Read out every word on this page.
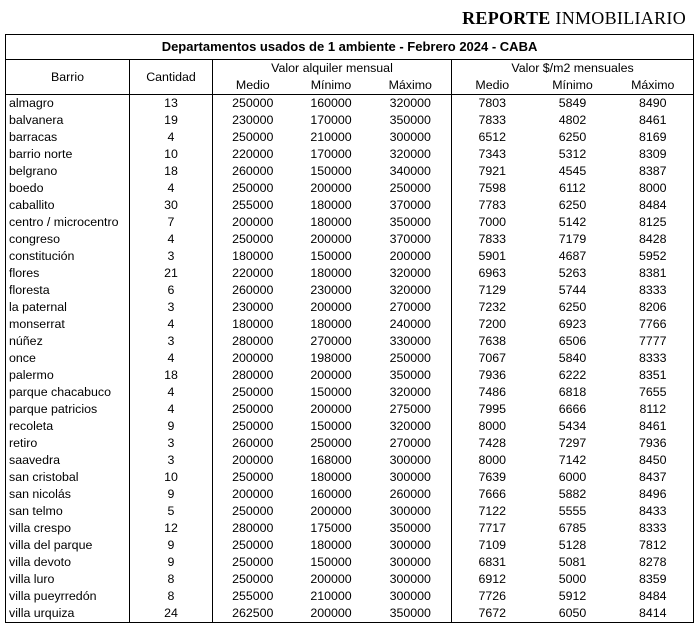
REPORTE INMOBILIARIO
Departamentos usados de 1 ambiente - Febrero 2024 - CABA							
Barrio	Cantidad	Valor alquiler mensual			Valor $/m2 mensuales		
		Medio	Mínimo	Máximo	Medio	Mínimo	Máximo
almagro	13	250000	160000	320000	7803	5849	8490
balvanera	19	230000	170000	350000	7833	4802	8461
barracas	4	250000	210000	300000	6512	6250	8169
barrio norte	10	220000	170000	320000	7343	5312	8309
belgrano	18	260000	150000	340000	7921	4545	8387
boedo	4	250000	200000	250000	7598	6112	8000
caballito	30	255000	180000	370000	7783	6250	8484
centro / microcentro	7	200000	180000	350000	7000	5142	8125
congreso	4	250000	200000	370000	7833	7179	8428
constitución	3	180000	150000	200000	5901	4687	5952
flores	21	220000	180000	320000	6963	5263	8381
floresta	6	260000	230000	320000	7129	5744	8333
la paternal	3	230000	200000	270000	7232	6250	8206
monserrat	4	180000	180000	240000	7200	6923	7766
núñez	3	280000	270000	330000	7638	6506	7777
once	4	200000	198000	250000	7067	5840	8333
palermo	18	280000	200000	350000	7936	6222	8351
parque chacabuco	4	250000	150000	320000	7486	6818	7655
parque patricios	4	250000	200000	275000	7995	6666	8112
recoleta	9	250000	150000	320000	8000	5434	8461
retiro	3	260000	250000	270000	7428	7297	7936
saavedra	3	200000	168000	300000	8000	7142	8450
san cristobal	10	250000	180000	300000	7639	6000	8437
san nicolás	9	200000	160000	260000	7666	5882	8496
san telmo	5	250000	200000	300000	7122	5555	8433
villa crespo	12	280000	175000	350000	7717	6785	8333
villa del parque	9	250000	180000	300000	7109	5128	7812
villa devoto	9	250000	150000	300000	6831	5081	8278
villa luro	8	250000	200000	300000	6912	5000	8359
villa pueyrredón	8	255000	210000	300000	7726	5912	8484
villa urquiza	24	262500	200000	350000	7672	6050	8414
